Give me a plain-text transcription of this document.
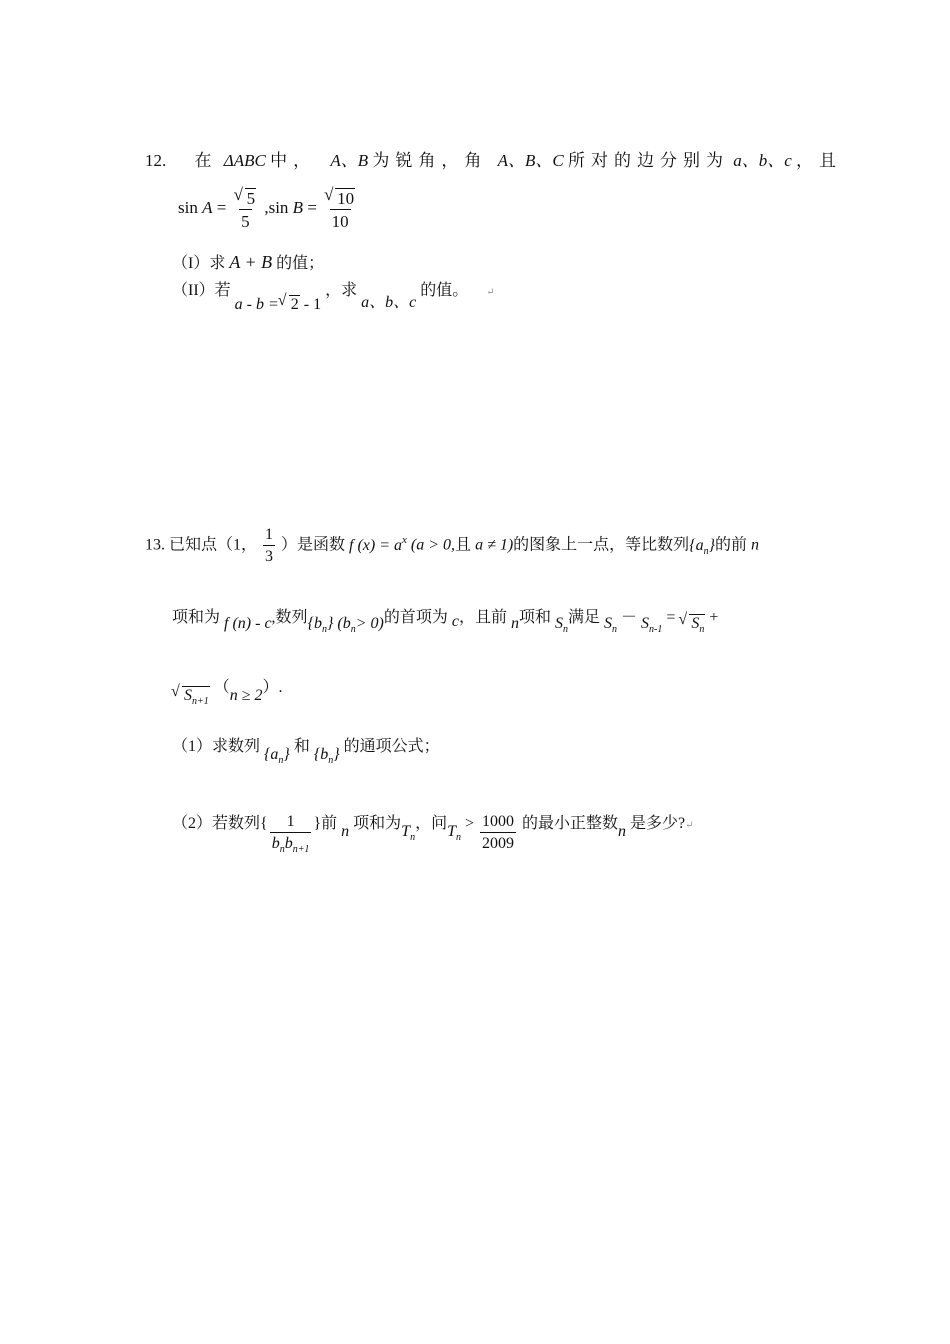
12. 在 ΔABC 中， A、B 为锐角，角 A、B、C 所对的边分别为 a、b、c ，且
sin A = √ $\frac{5}{5} ,\sin$ B = √ $\frac{10}{10}$
（I）求 A + B 的值；
（II）若 a - b = √ 2 - 1 ，求 a、b、c 的值。 ↵
13. 已知点（1， $\frac{1}{3}$ ）是函数 f $(x) = a^x$ (a > 0,且 a ≠ 1)的图象上一点，等比数列$\{a_n\}$的前 n
项和为 f (n) - c,数列$\{b_n\}$ $(b_n> 0)$的首项为 c，且前 n项和 $S_n$满足 $S_n - S_{n-1}$ = √ $S_n$ +
√ $S_{n+1}$ （n ≥ 2）.
（1）求数列 $\{a_n\}$ 和 $\{b_n\}$ 的通项公式；
（2）若数列{ $\frac{1}{b_nb_{n+1}}$ }前 n 项和为$T_n$，问$T_n > \frac{1000}{2009}$ 的最小正整数n 是多少?↵
